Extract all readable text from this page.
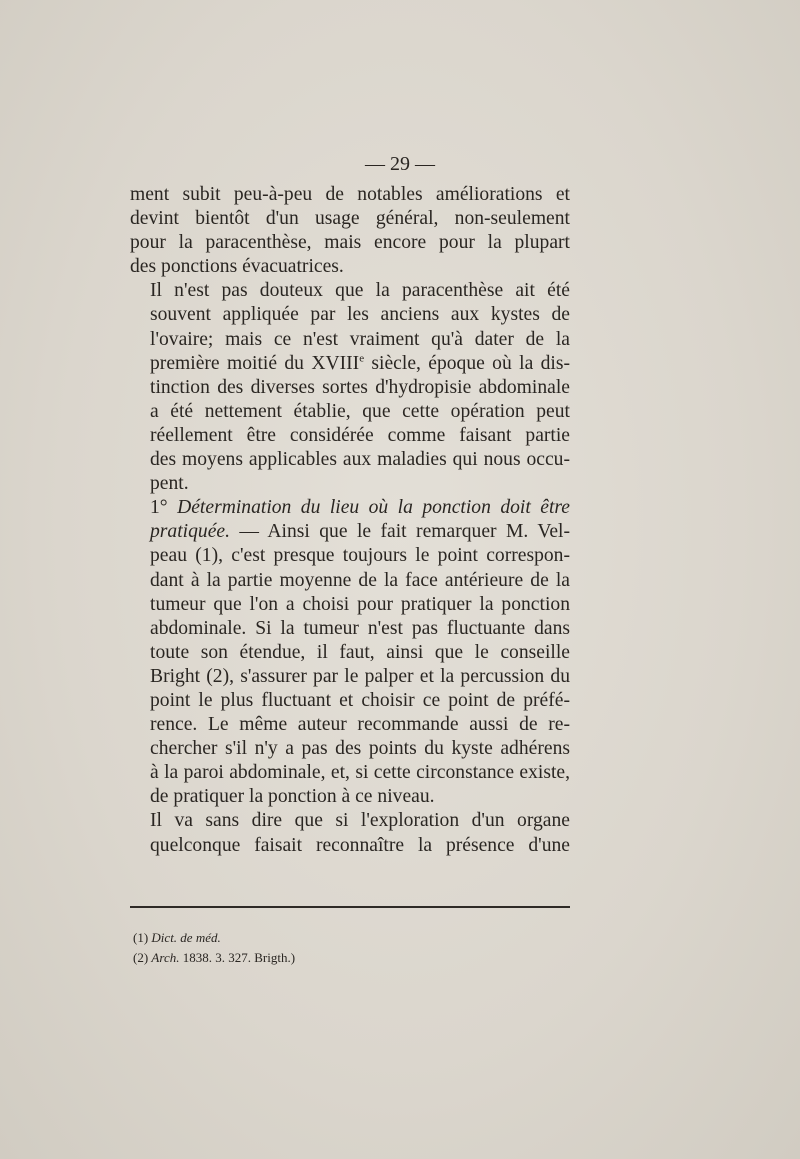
— 29 —

ment subit peu-à-peu de notables améliorations et
devint bientôt d'un usage général, non-seulement
pour la paracenthèse, mais encore pour la plupart
des ponctions évacuatrices.

Il n'est pas douteux que la paracenthèse ait été
souvent appliquée par les anciens aux kystes de
l'ovaire; mais ce n'est vraiment qu'à dater de la
première moitié du XVIIIe siècle, époque où la dis-
tinction des diverses sortes d'hydropisie abdominale
a été nettement établie, que cette opération peut
réellement être considérée comme faisant partie
des moyens applicables aux maladies qui nous occu-
pent.

1° Détermination du lieu où la ponction doit être
pratiquée. — Ainsi que le fait remarquer M. Vel-
peau (1), c'est presque toujours le point correspon-
dant à la partie moyenne de la face antérieure de la
tumeur que l'on a choisi pour pratiquer la ponction
abdominale. Si la tumeur n'est pas fluctuante dans
toute son étendue, il faut, ainsi que le conseille
Bright (2), s'assurer par le palper et la percussion du
point le plus fluctuant et choisir ce point de préfé-
rence. Le même auteur recommande aussi de re-
chercher s'il n'y a pas des points du kyste adhérens
à la paroi abdominale, et, si cette circonstance existe,
de pratiquer la ponction à ce niveau.

Il va sans dire que si l'exploration d'un organe
quelconque faisait reconnaître la présence d'une

(1) Dict. de méd.
(2) Arch. 1838. 3. 327. Brigth.)
